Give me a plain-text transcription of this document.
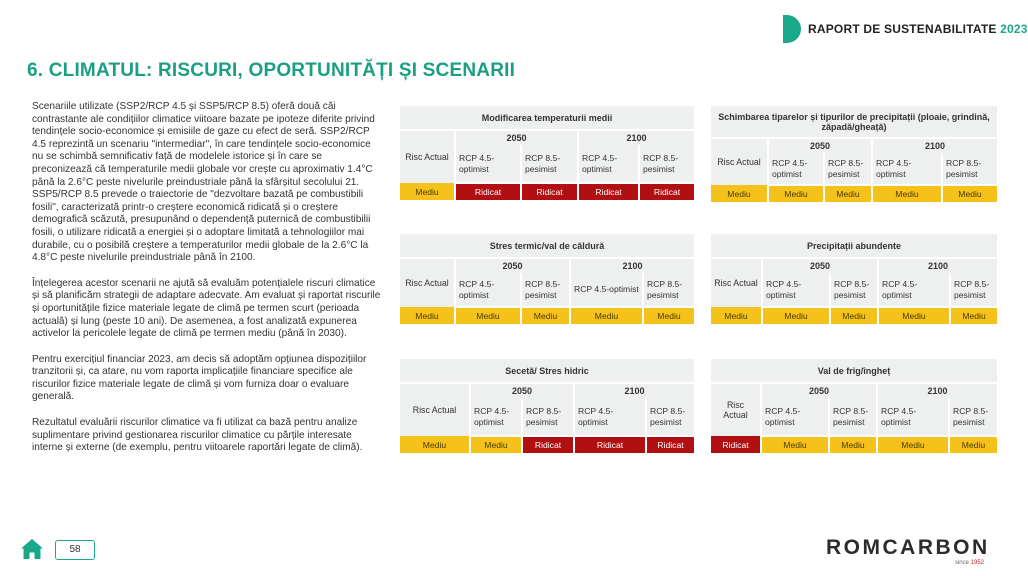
RAPORT DE SUSTENABILITATE 2023
6. CLIMATUL: RISCURI, OPORTUNITĂȚI ȘI SCENARII

Scenariile utilizate (SSP2/RCP 4.5 și SSP5/RCP 8.5) oferă două căi contrastante ale condițiilor climatice viitoare bazate pe ipoteze diferite privind tendințele socio-economice și emisiile de gaze cu efect de seră. SSP2/RCP 4.5 reprezintă un scenariu "intermediar", în care tendințele socio-economice nu se schimbă semnificativ față de modelele istorice și în care se preconizează că temperaturile medii globale vor crește cu aproximativ 1.4°C până la 2.6°C peste nivelurile preindustriale până la sfârșitul secolului 21.

SSP5/RCP 8.5 prevede o traiectorie de "dezvoltare bazată pe combustibili fosili", caracterizată printr-o creștere economică ridicată și o creștere demografică scăzută, presupunând o dependență puternică de combustibilii fosili, o utilizare ridicată a energiei și o adoptare limitată a tehnologiilor mai durabile, cu o posibilă creștere a temperaturilor medii globale de la 2.6°C la 4.8°C peste nivelurile preindustriale până în 2100.

Înțelegerea acestor scenarii ne ajută să evaluăm potențialele riscuri climatice și să planificăm strategii de adaptare adecvate. Am evaluat și raportat riscurile și oportunitățile fizice materiale legate de climă pe termen scurt (perioada actuală) și lung (peste 10 ani). De asemenea, a fost analizată expunerea activelor la pericolele legate de climă pe termen mediu (până în 2030).

Pentru exercițiul financiar 2023, am decis să adoptăm opțiunea dispozițiilor tranzitorii și, ca atare, nu vom raporta implicațiile financiare specifice ale riscurilor fizice materiale legate de climă și vom furniza doar o evaluare generală.

Rezultatul evaluării riscurilor climatice va fi utilizat ca bază pentru analize suplimentare privind gestionarea riscurilor climatice cu părțile interesate interne și externe (de exemplu, pentru viitoarele raportări legate de climă).

Modificarea temperaturii medii				
Risc Actual	2050		2100	
	RCP 4.5-optimist	RCP 8.5-pesimist	RCP 4.5-optimist	RCP 8.5-pesimist
Mediu	Ridicat	Ridicat	Ridicat	Ridicat
Schimbarea tiparelor și tipurilor de precipitații (ploaie, grindină, zăpadă/gheață)				
Risc Actual	2050		2100	
	RCP 4.5-optimist	RCP 8.5-pesimist	RCP 4.5-optimist	RCP 8.5-pesimist
Mediu	Mediu	Mediu	Mediu	Mediu
Stres termic/val de căldură				
Risc Actual	2050		2100	
	RCP 4.5-optimist	RCP 8.5-pesimist	RCP 4.5-optimist	RCP 8.5-pesimist
Mediu	Mediu	Mediu	Mediu	Mediu
Precipitații abundente				
Risc Actual	2050		2100	
	RCP 4.5-optimist	RCP 8.5-pesimist	RCP 4.5-optimist	RCP 8.5-pesimist
Mediu	Mediu	Mediu	Mediu	Mediu
Secetă/ Stres hidric				
Risc Actual	2050		2100	
	RCP 4.5-optimist	RCP 8.5-pesimist	RCP 4.5-optimist	RCP 8.5-pesimist
Mediu	Mediu	Ridicat	Ridicat	Ridicat
Val de frig/îngheț				
Risc Actual	2050		2100	
	RCP 4.5-optimist	RCP 8.5-pesimist	RCP 4.5-optimist	RCP 8.5-pesimist
Ridicat	Mediu	Mediu	Mediu	Mediu
58	ROMCARBON
since 1952
